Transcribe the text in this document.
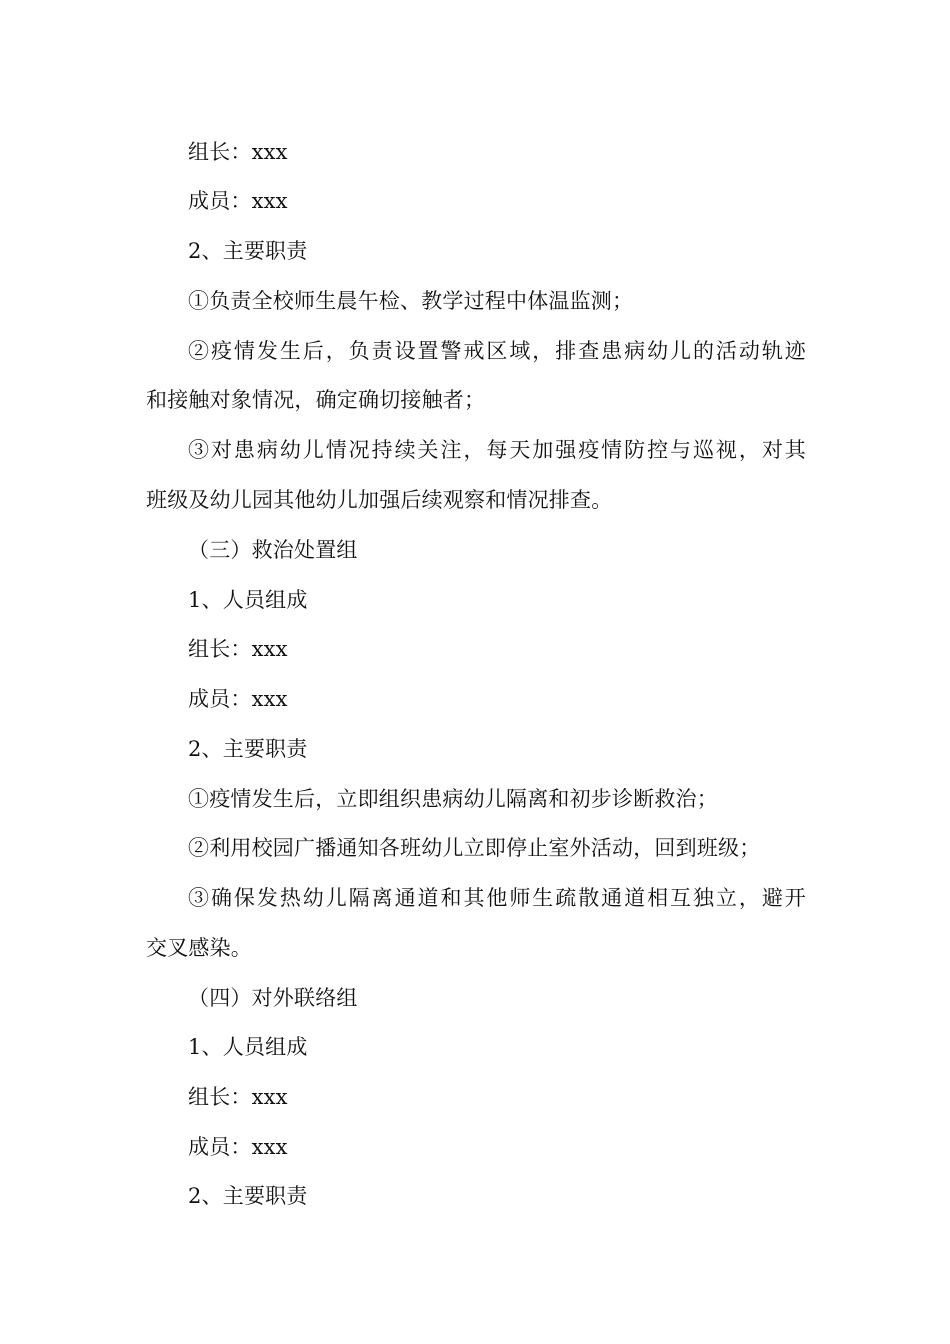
组长：xxx
成员：xxx
2、主要职责
①负责全校师生晨午检、教学过程中体温监测；
②疫情发生后，负责设置警戒区域，排查患病幼儿的活动轨迹
和接触对象情况，确定确切接触者；
③对患病幼儿情况持续关注，每天加强疫情防控与巡视，对其
班级及幼儿园其他幼儿加强后续观察和情况排查。
（三）救治处置组
1、人员组成
组长：xxx
成员：xxx
2、主要职责
①疫情发生后，立即组织患病幼儿隔离和初步诊断救治；
②利用校园广播通知各班幼儿立即停止室外活动，回到班级；
③确保发热幼儿隔离通道和其他师生疏散通道相互独立，避开
交叉感染。
（四）对外联络组
1、人员组成
组长：xxx
成员：xxx
2、主要职责
